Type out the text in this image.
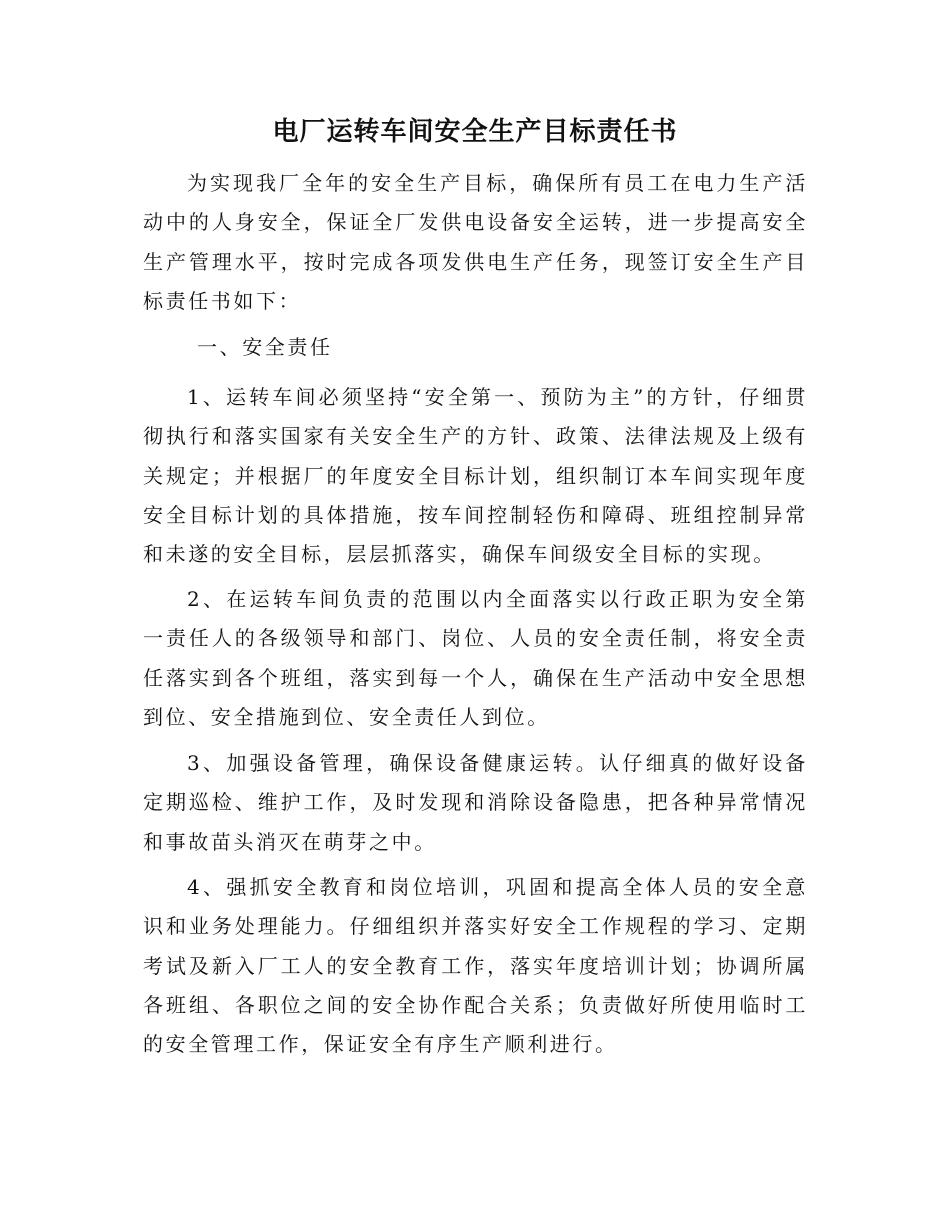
电厂运转车间安全生产目标责任书

为实现我厂全年的安全生产目标，确保所有员工在电力生产活动中的人身安全，保证全厂发供电设备安全运转，进一步提高安全生产管理水平，按时完成各项发供电生产任务，现签订安全生产目标责任书如下：

一、安全责任

1、运转车间必须坚持“安全第一、预防为主”的方针，仔细贯彻执行和落实国家有关安全生产的方针、政策、法律法规及上级有关规定；并根据厂的年度安全目标计划，组织制订本车间实现年度安全目标计划的具体措施，按车间控制轻伤和障碍、班组控制异常和未遂的安全目标，层层抓落实，确保车间级安全目标的实现。

2、在运转车间负责的范围以内全面落实以行政正职为安全第一责任人的各级领导和部门、岗位、人员的安全责任制，将安全责任落实到各个班组，落实到每一个人，确保在生产活动中安全思想到位、安全措施到位、安全责任人到位。

3、加强设备管理，确保设备健康运转。认仔细真的做好设备定期巡检、维护工作，及时发现和消除设备隐患，把各种异常情况和事故苗头消灭在萌芽之中。

4、强抓安全教育和岗位培训，巩固和提高全体人员的安全意识和业务处理能力。仔细组织并落实好安全工作规程的学习、定期考试及新入厂工人的安全教育工作，落实年度培训计划；协调所属各班组、各职位之间的安全协作配合关系；负责做好所使用临时工的安全管理工作，保证安全有序生产顺利进行。
